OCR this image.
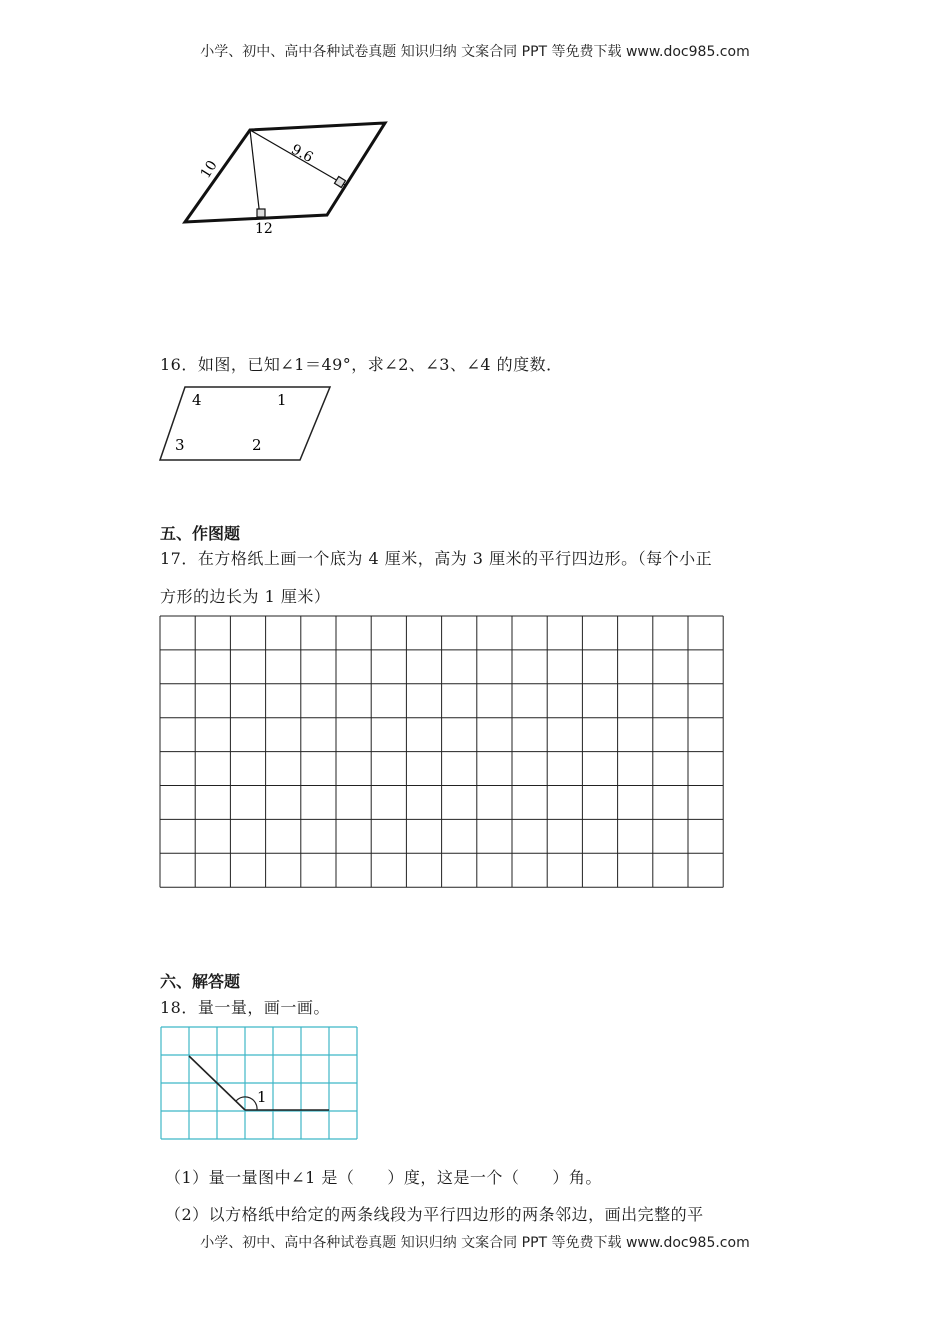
小学、初中、高中各种试卷真题 知识归纳 文案合同 PPT 等免费下载 www.doc985.com
10
9.6
12
16．如图，已知∠1＝49°，求∠2、∠3、∠4 的度数．
4	1
3	2
五、作图题
17．在方格纸上画一个底为 4 厘米，高为 3 厘米的平行四边形。（每个小正
方形的边长为 1 厘米）
六、解答题
18．量一量，画一画。
1
（1）量一量图中∠1 是（　　）度，这是一个（　　）角。
（2）以方格纸中给定的两条线段为平行四边形的两条邻边，画出完整的平
小学、初中、高中各种试卷真题 知识归纳 文案合同 PPT 等免费下载 www.doc985.com
